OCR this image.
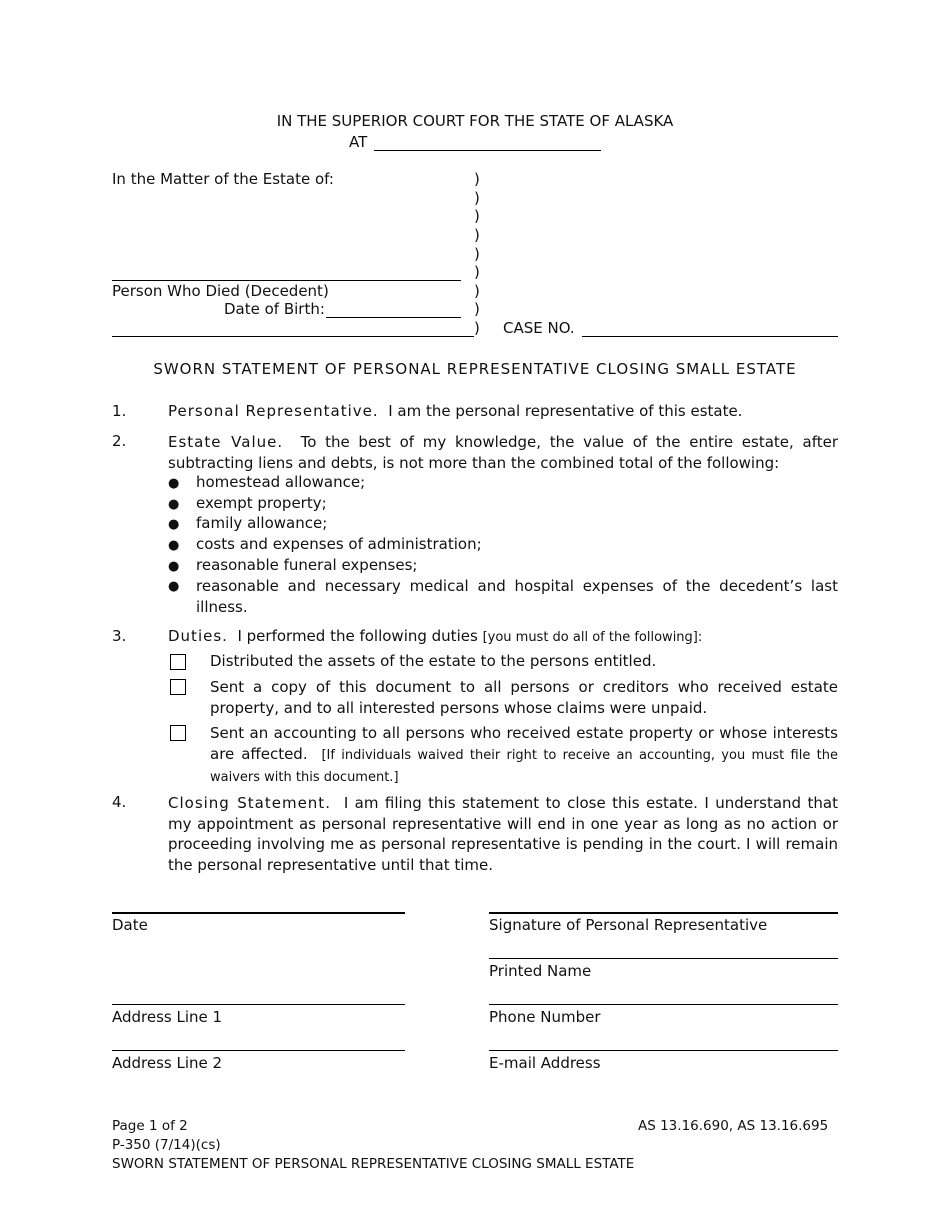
IN THE SUPERIOR COURT FOR THE STATE OF ALASKA
AT
In the Matter of the Estate of:	)
)
)
)
)
)
)
)
)
Person Who Died (Decedent)
Date of Birth:
CASE NO.
SWORN STATEMENT OF PERSONAL REPRESENTATIVE CLOSING SMALL ESTATE
1.	Personal Representative. I am the personal representative of this estate.
2.	Estate Value. To the best of my knowledge, the value of the entire estate, after subtracting liens and debts, is not more than the combined total of the following:
● homestead allowance;
● exempt property;
● family allowance;
● costs and expenses of administration;
● reasonable funeral expenses;
● reasonable and necessary medical and hospital expenses of the decedent’s last illness.
3.	Duties. I performed the following duties [you must do all of the following]:
Distributed the assets of the estate to the persons entitled.
Sent a copy of this document to all persons or creditors who received estate property, and to all interested persons whose claims were unpaid.
Sent an accounting to all persons who received estate property or whose interests are affected. [If individuals waived their right to receive an accounting, you must file the waivers with this document.]
4.	Closing Statement. I am filing this statement to close this estate. I understand that my appointment as personal representative will end in one year as long as no action or proceeding involving me as personal representative is pending in the court. I will remain the personal representative until that time.
Date	Signature of Personal Representative
Printed Name
Address Line 1	Phone Number
Address Line 2	E-mail Address
Page 1 of 2
P-350 (7/14)(cs)
SWORN STATEMENT OF PERSONAL REPRESENTATIVE CLOSING SMALL ESTATE
AS 13.16.690, AS 13.16.695
